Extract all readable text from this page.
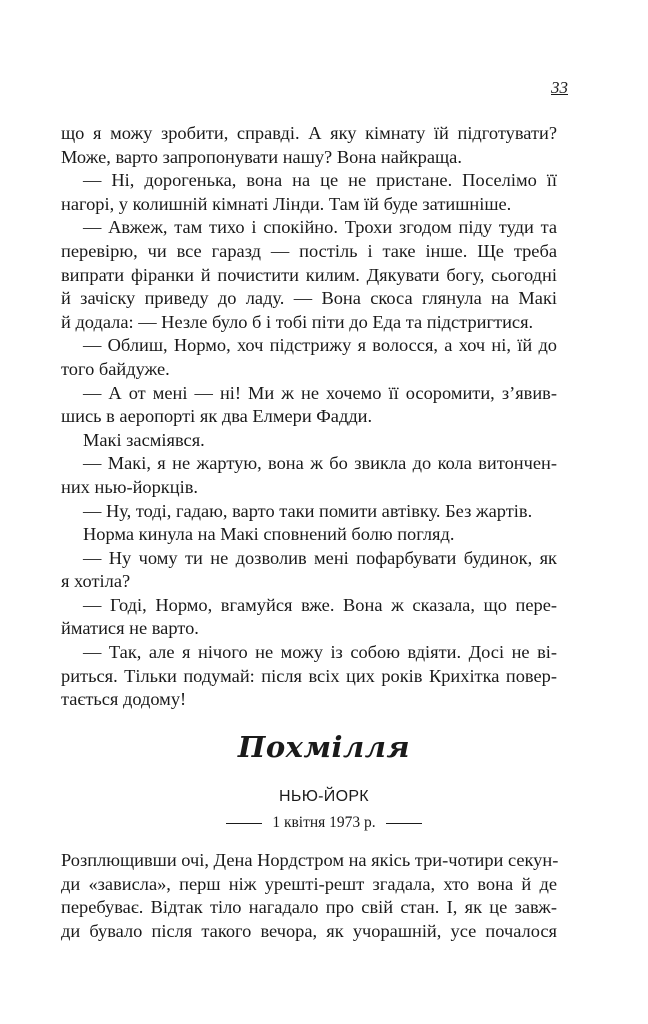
33
що я можу зробити, справді. А яку кімнату їй підготувати?
Може, варто запропонувати нашу? Вона найкраща.
— Ні, дорогенька, вона на це не пристане. Поселімо її
нагорі, у колишній кімнаті Лінди. Там їй буде затишніше.
— Авжеж, там тихо і спокійно. Трохи згодом піду туди та
перевірю, чи все гаразд — постіль і таке інше. Ще треба
випрати фіранки й почистити килим. Дякувати богу, сьогодні
й зачіску приведу до ладу. — Вона скоса глянула на Макі
й додала: — Незле було б і тобі піти до Еда та підстригтися.
— Облиш, Нормо, хоч підстрижу я волосся, а хоч ні, їй до
того байдуже.
— А от мені — ні! Ми ж не хочемо її осоромити, з’явив-
шись в аеропорті як два Елмери Фадди.
Макі засміявся.
— Макі, я не жартую, вона ж бо звикла до кола витончен-
них нью-йоркців.
— Ну, тоді, гадаю, варто таки помити автівку. Без жартів.
Норма кинула на Макі сповнений болю погляд.
— Ну чому ти не дозволив мені пофарбувати будинок, як
я хотіла?
— Годі, Нормо, вгамуйся вже. Вона ж сказала, що пере-
йматися не варто.
— Так, але я нічого не можу із собою вдіяти. Досі не ві-
риться. Тільки подумай: після всіх цих років Крихітка повер-
тається додому!
Похмілля
НЬЮ-ЙОРК
1 квітня 1973 р.
Розплющивши очі, Дена Нордстром на якісь три-чотири секун-
ди «зависла», перш ніж урешті-решт згадала, хто вона й де
перебуває. Відтак тіло нагадало про свій стан. І, як це завж-
ди бувало після такого вечора, як учорашній, усе почалося
